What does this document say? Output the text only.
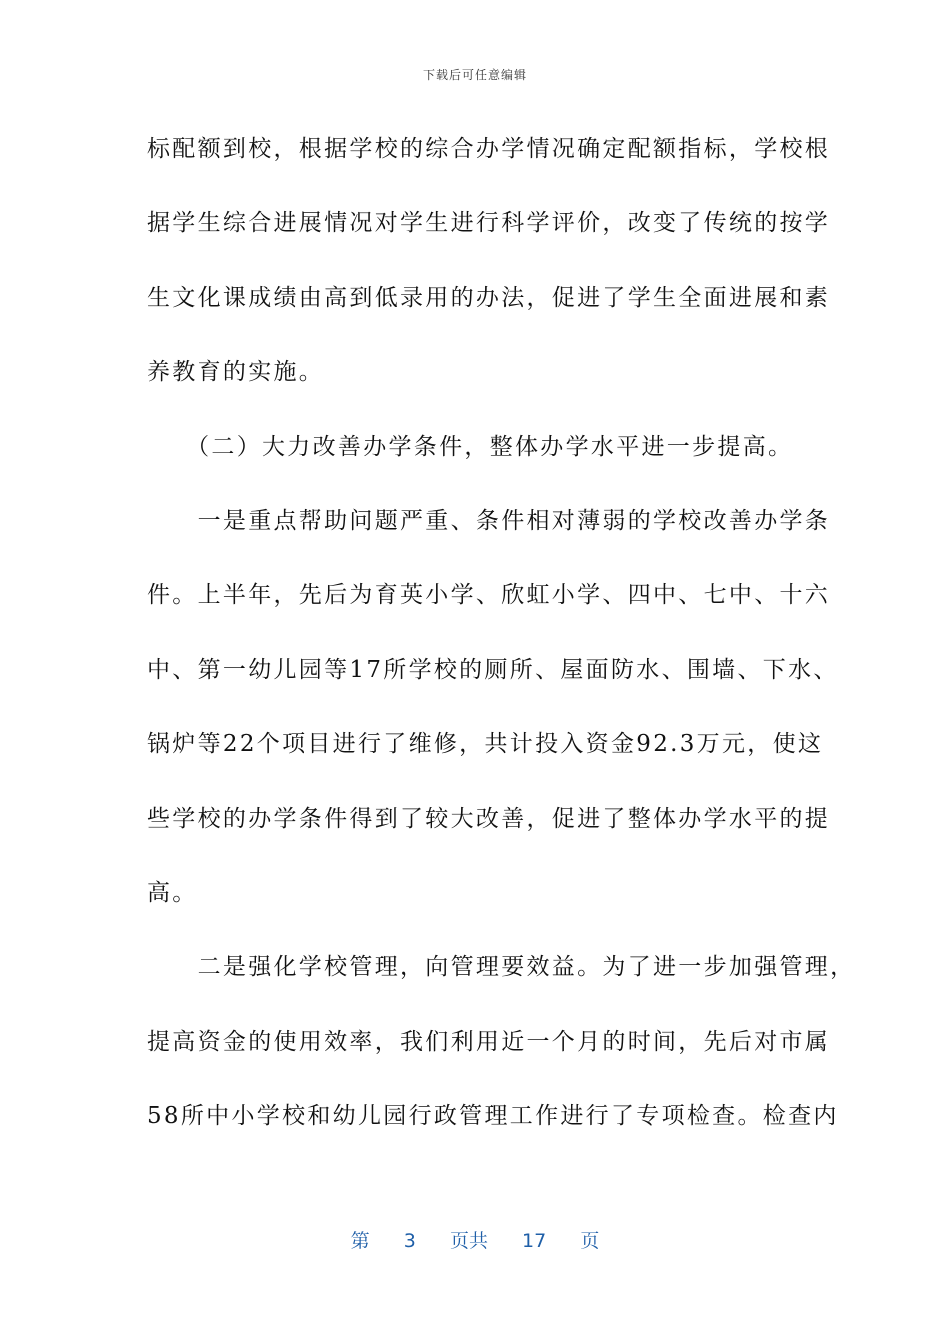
下载后可任意编辑
标配额到校，根据学校的综合办学情况确定配额指标，学校根
据学生综合进展情况对学生进行科学评价，改变了传统的按学
生文化课成绩由高到低录用的办法，促进了学生全面进展和素
养教育的实施。
　　（二）大力改善办学条件，整体办学水平进一步提高。
　　一是重点帮助问题严重、条件相对薄弱的学校改善办学条
件。上半年，先后为育英小学、欣虹小学、四中、七中、十六
中、第一幼儿园等17所学校的厕所、屋面防水、围墙、下水、
锅炉等22个项目进行了维修，共计投入资金92.3万元，使这
些学校的办学条件得到了较大改善，促进了整体办学水平的提
高。
　　二是强化学校管理，向管理要效益。为了进一步加强管理，
提高资金的使用效率，我们利用近一个月的时间，先后对市属
58所中小学校和幼儿园行政管理工作进行了专项检查。检查内
第 3 页共 17 页
